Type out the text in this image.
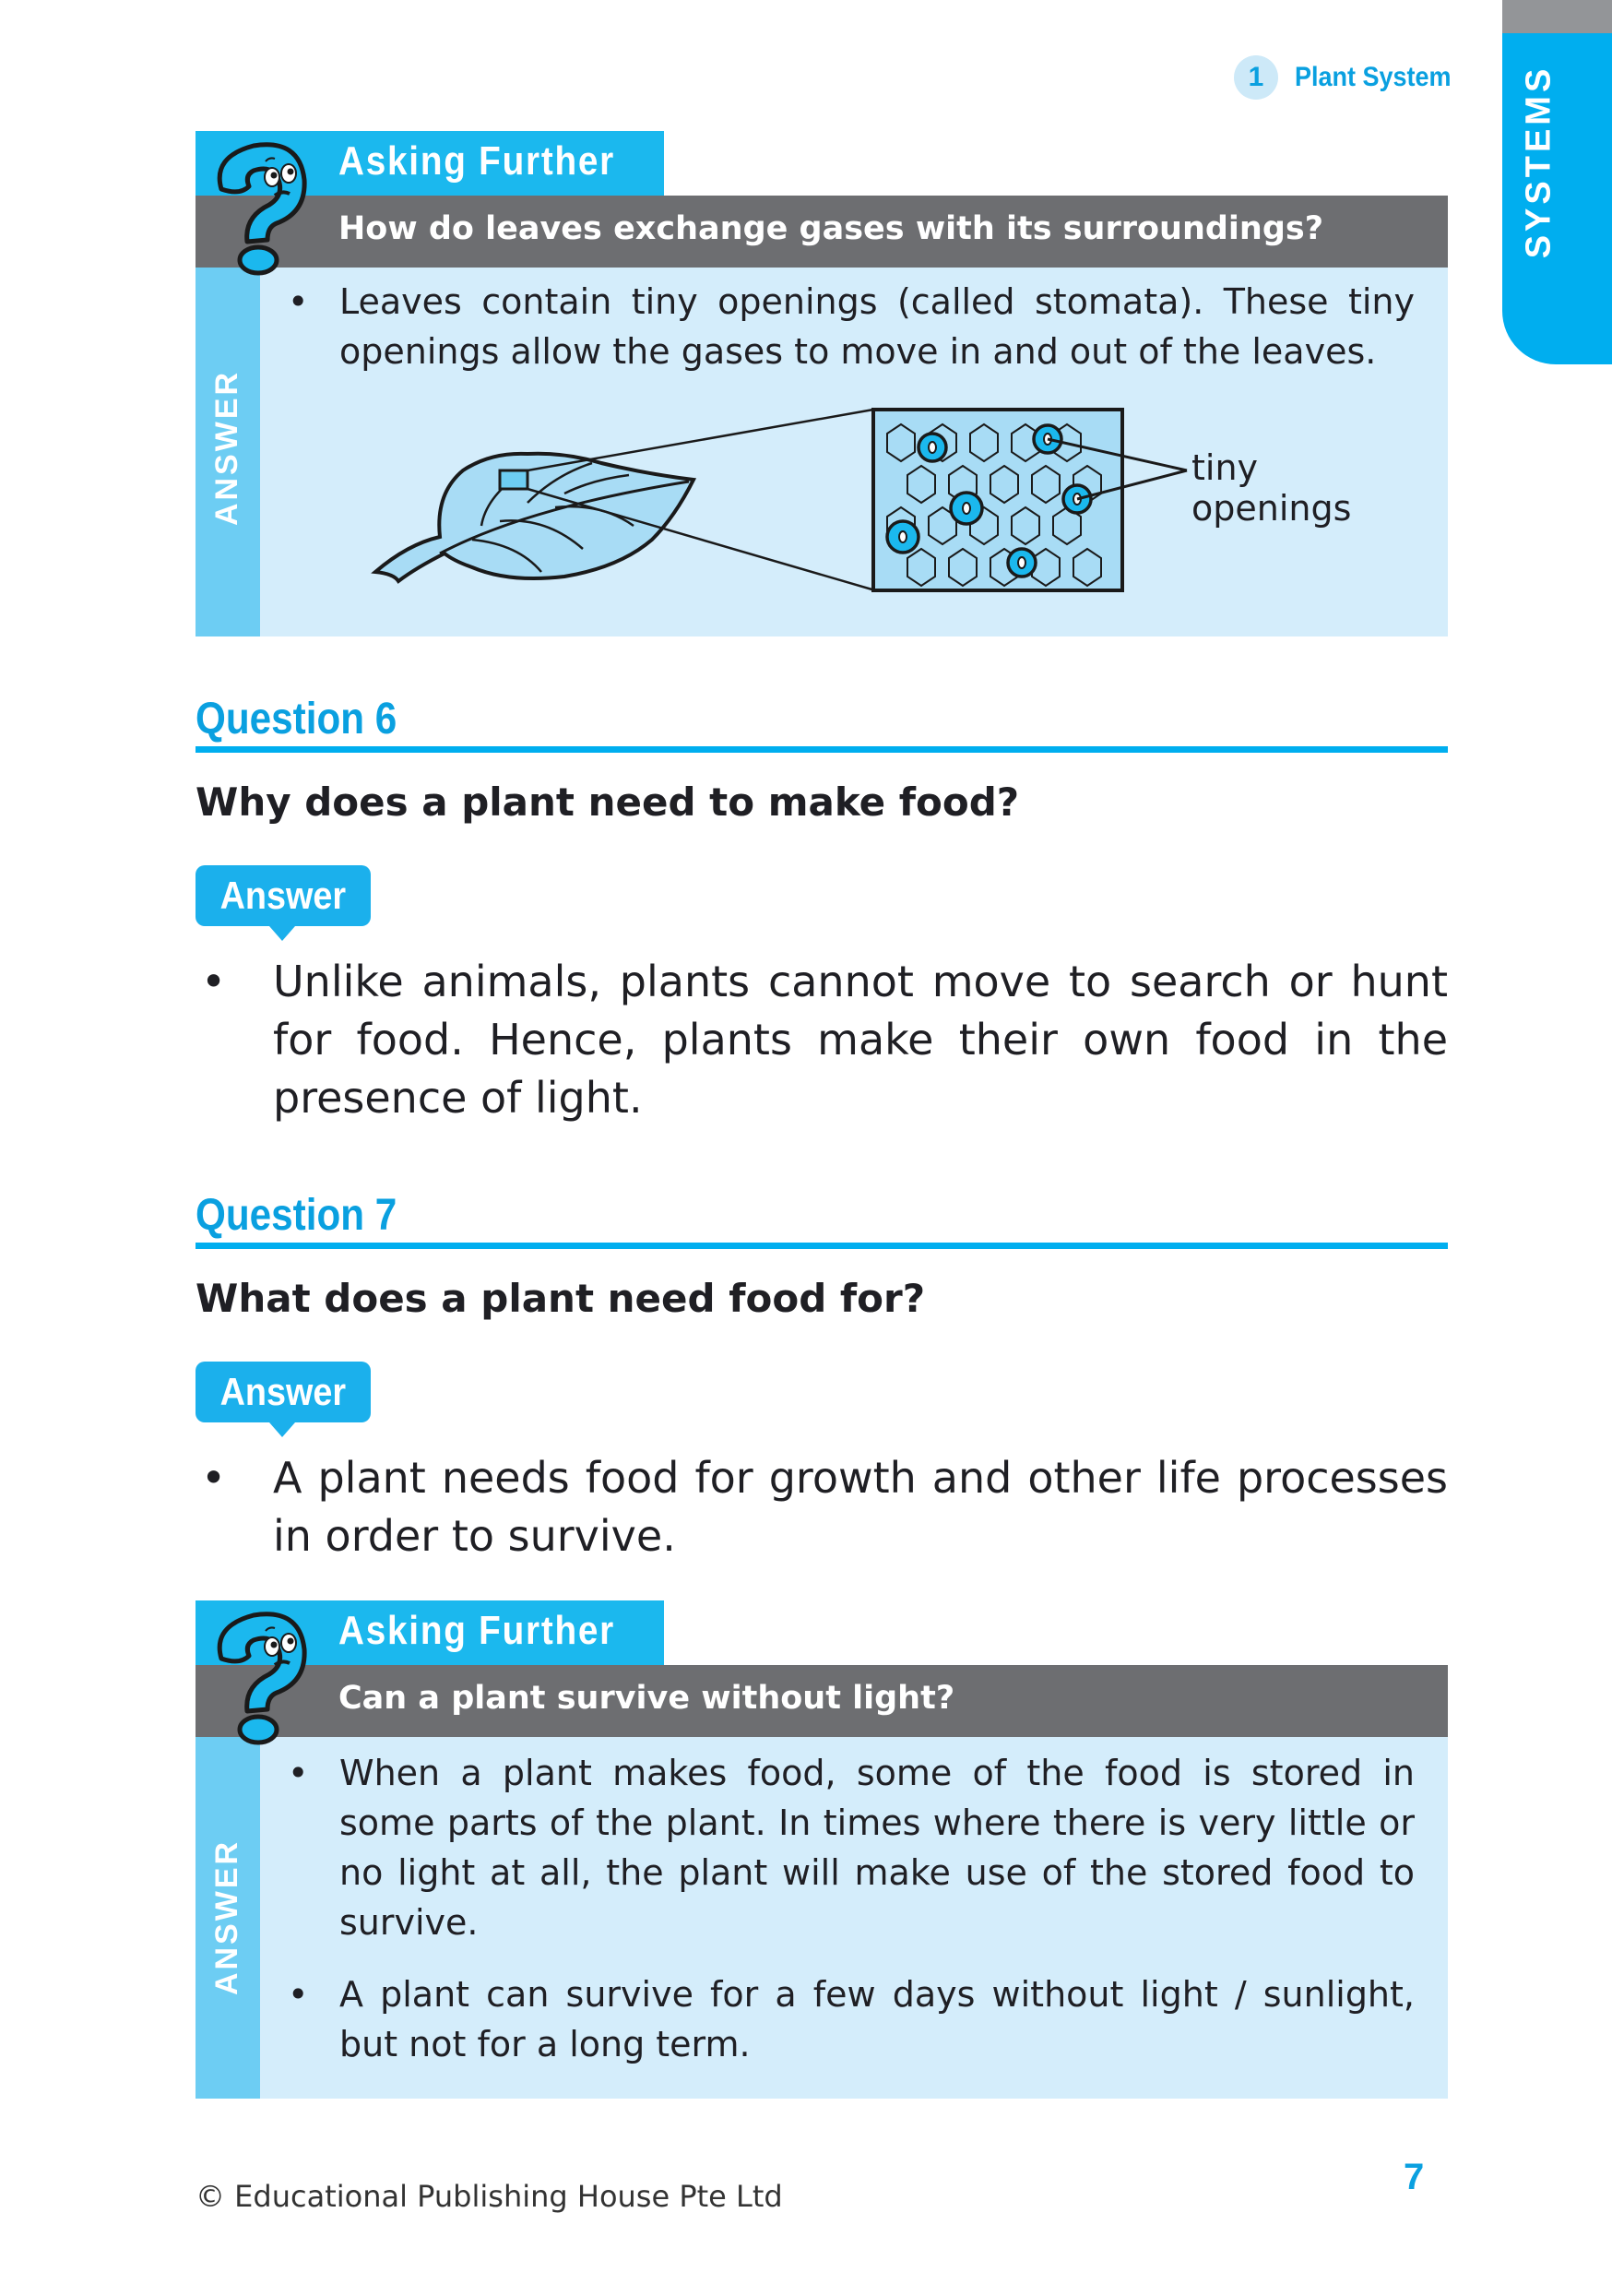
SYSTEMS
1	Plant System
Asking Further
How do leaves exchange gases with its surroundings?
ANSWER
• Leaves contain tiny openings (called stomata). These tiny openings allow the gases to move in and out of the leaves.
tiny openings
Question 6
Why does a plant need to make food?
Answer
• Unlike animals, plants cannot move to search or hunt for food. Hence, plants make their own food in the presence of light.
Question 7
What does a plant need food for?
Answer
• A plant needs food for growth and other life processes in order to survive.
Asking Further
Can a plant survive without light?
ANSWER
• When a plant makes food, some of the food is stored in some parts of the plant. In times where there is very little or no light at all, the plant will make use of the stored food to survive.
• A plant can survive for a few days without light / sunlight, but not for a long term.
© Educational Publishing House Pte Ltd	7
